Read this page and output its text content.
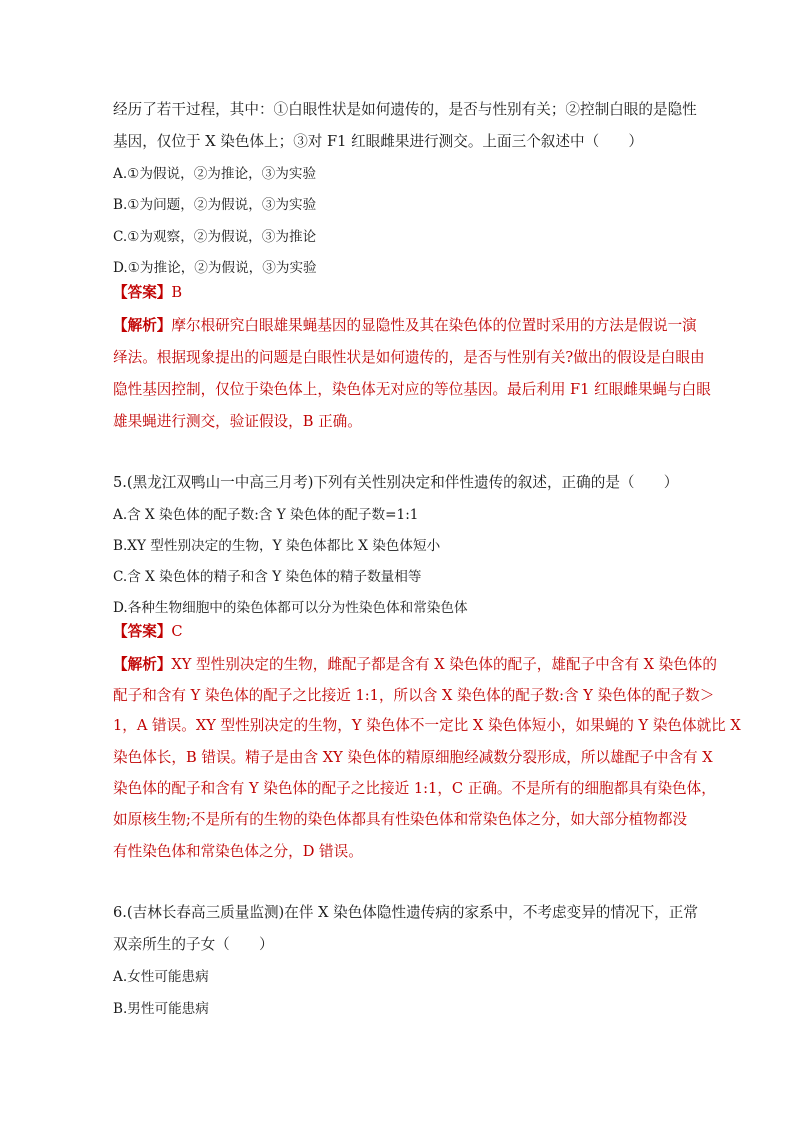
经历了若干过程，其中：①白眼性状是如何遗传的，是否与性别有关；②控制白眼的是隐性
基因，仅位于 X 染色体上；③对 F1 红眼雌果进行测交。上面三个叙述中（　　）
A.①为假说，②为推论，③为实验
B.①为问题，②为假说，③为实验
C.①为观察，②为假说，③为推论
D.①为推论，②为假说，③为实验
【答案】B
【解析】摩尔根研究白眼雄果蝇基因的显隐性及其在染色体的位置时采用的方法是假说一演
绎法。根据现象提出的问题是白眼性状是如何遗传的，是否与性别有关?做出的假设是白眼由
隐性基因控制，仅位于染色体上，染色体无对应的等位基因。最后利用 F1 红眼雌果蝇与白眼
雄果蝇进行测交，验证假设，B 正确。
5.(黑龙江双鸭山一中高三月考)下列有关性别决定和伴性遗传的叙述，正确的是（　　）
A.含 X 染色体的配子数:含 Y 染色体的配子数=1:1
B.XY 型性别决定的生物，Y 染色体都比 X 染色体短小
C.含 X 染色体的精子和含 Y 染色体的精子数量相等
D.各种生物细胞中的染色体都可以分为性染色体和常染色体
【答案】C
【解析】XY 型性别决定的生物，雌配子都是含有 X 染色体的配子，雄配子中含有 X 染色体的
配子和含有 Y 染色体的配子之比接近 1:1，所以含 X 染色体的配子数:含 Y 染色体的配子数＞
1，A 错误。XY 型性别决定的生物，Y 染色体不一定比 X 染色体短小，如果蝇的 Y 染色体就比 X
染色体长，B 错误。精子是由含 XY 染色体的精原细胞经减数分裂形成，所以雄配子中含有 X
染色体的配子和含有 Y 染色体的配子之比接近 1:1，C 正确。不是所有的细胞都具有染色体，
如原核生物;不是所有的生物的染色体都具有性染色体和常染色体之分，如大部分植物都没
有性染色体和常染色体之分，D 错误。
6.(吉林长春高三质量监测)在伴 X 染色体隐性遗传病的家系中，不考虑变异的情况下，正常
双亲所生的子女（　　）
A.女性可能患病
B.男性可能患病
